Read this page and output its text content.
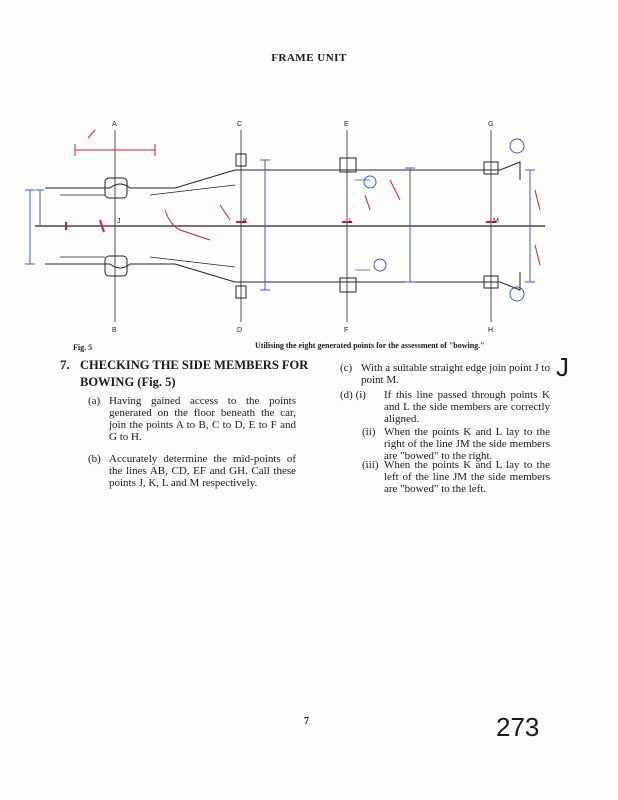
FRAME UNIT
A
B
C
D
E
F
G
H
J	K	L	M
Fig. 5	Utilising the eight generated points for the assessment of "bowing."
7. CHECKING THE SIDE MEMBERS FOR BOWING (Fig. 5)
(a) Having gained access to the points generated on the floor beneath the car, join the points A to B, C to D, E to F and G to H.
(b) Accurately determine the mid-points of the lines AB, CD, EF and GH. Call these points J, K, L and M respectively.
(c) With a suitable straight edge join point J to point M.
(d) (i)	If this line passed through points K and L the side members are correctly aligned.
(ii) When the points K and L lay to the right of the line JM the side members are "bowed" to the right.
(iii) When the points K and L lay to the left of the line JM the side members are "bowed" to the left.
J
7	273
